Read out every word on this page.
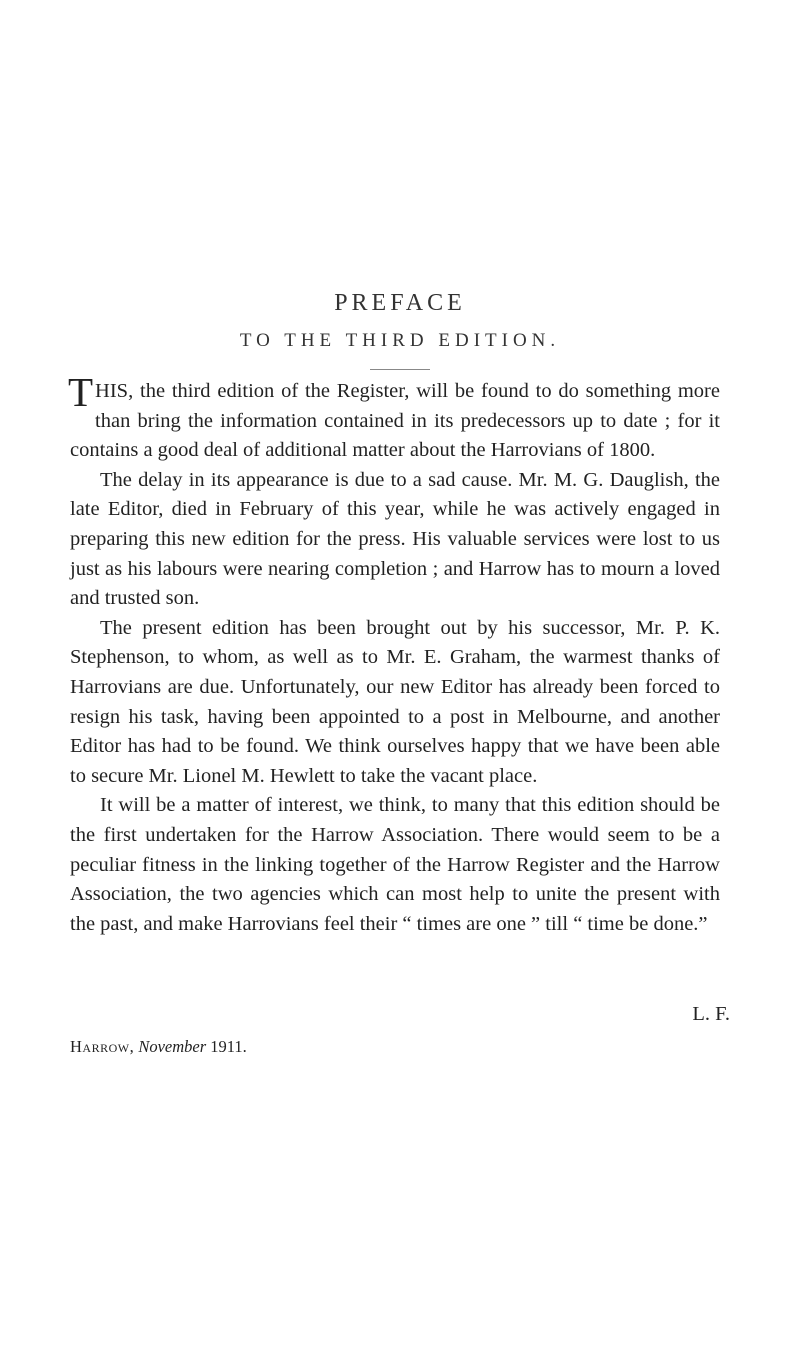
PREFACE
TO THE THIRD EDITION.

THIS, the third edition of the Register, will be found to do something more than bring the information contained in its predecessors up to date ; for it contains a good deal of additional matter about the Harrovians of 1800.

The delay in its appearance is due to a sad cause. Mr. M. G. Dauglish, the late Editor, died in February of this year, while he was actively engaged in preparing this new edition for the press. His valuable services were lost to us just as his labours were nearing completion ; and Harrow has to mourn a loved and trusted son.

The present edition has been brought out by his successor, Mr. P. K. Stephenson, to whom, as well as to Mr. E. Graham, the warmest thanks of Harrovians are due. Unfortunately, our new Editor has already been forced to resign his task, having been appointed to a post in Melbourne, and another Editor has had to be found. We think ourselves happy that we have been able to secure Mr. Lionel M. Hewlett to take the vacant place.

It will be a matter of interest, we think, to many that this edition should be the first undertaken for the Harrow Association. There would seem to be a peculiar fitness in the linking together of the Harrow Register and the Harrow Association, the two agencies which can most help to unite the present with the past, and make Harrovians feel their “ times are one ” till “ time be done.”

L. F.
Harrow, November 1911.
